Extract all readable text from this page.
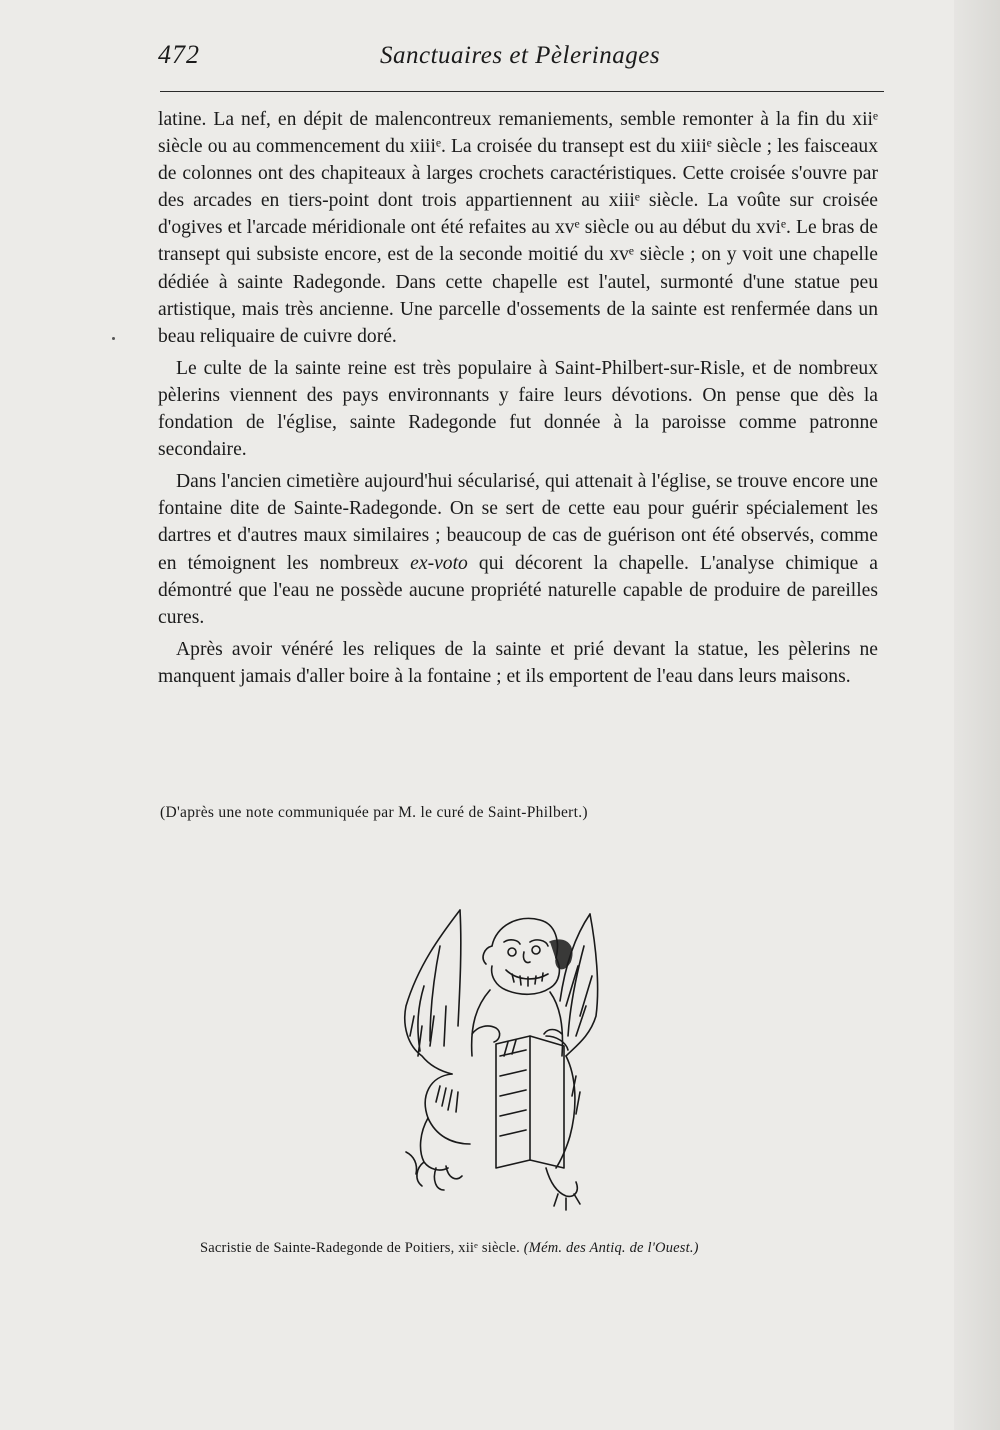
472	Sanctuaires et Pèlerinages

latine. La nef, en dépit de malencontreux remaniements, semble remonter à la fin du xiiᵉ siècle ou au commencement du xiiiᵉ. La croisée du transept est du xiiiᵉ siècle ; les faisceaux de colonnes ont des chapiteaux à larges crochets caractéristiques. Cette croisée s'ouvre par des arcades en tiers-point dont trois appartiennent au xiiiᵉ siècle. La voûte sur croisée d'ogives et l'arcade méridionale ont été refaites au xvᵉ siècle ou au début du xviᵉ. Le bras de transept qui subsiste encore, est de la seconde moitié du xvᵉ siècle ; on y voit une chapelle dédiée à sainte Radegonde. Dans cette chapelle est l'autel, surmonté d'une statue peu artistique, mais très ancienne. Une parcelle d'ossements de la sainte est renfermée dans un beau reliquaire de cuivre doré.

Le culte de la sainte reine est très populaire à Saint-Philbert-sur-Risle, et de nombreux pèlerins viennent des pays environnants y faire leurs dévotions. On pense que dès la fondation de l'église, sainte Radegonde fut donnée à la paroisse comme patronne secondaire.

Dans l'ancien cimetière aujourd'hui sécularisé, qui attenait à l'église, se trouve encore une fontaine dite de Sainte-Radegonde. On se sert de cette eau pour guérir spécialement les dartres et d'autres maux similaires ; beaucoup de cas de guérison ont été observés, comme en témoignent les nombreux ex-voto qui décorent la chapelle. L'analyse chimique a démontré que l'eau ne possède aucune propriété naturelle capable de produire de pareilles cures.

Après avoir vénéré les reliques de la sainte et prié devant la statue, les pèlerins ne manquent jamais d'aller boire à la fontaine ; et ils emportent de l'eau dans leurs maisons.

(D'après une note communiquée par M. le curé de Saint-Philbert.)
Sacristie de Sainte-Radegonde de Poitiers, xiiᵉ siècle. (Mém. des Antiq. de l'Ouest.)
